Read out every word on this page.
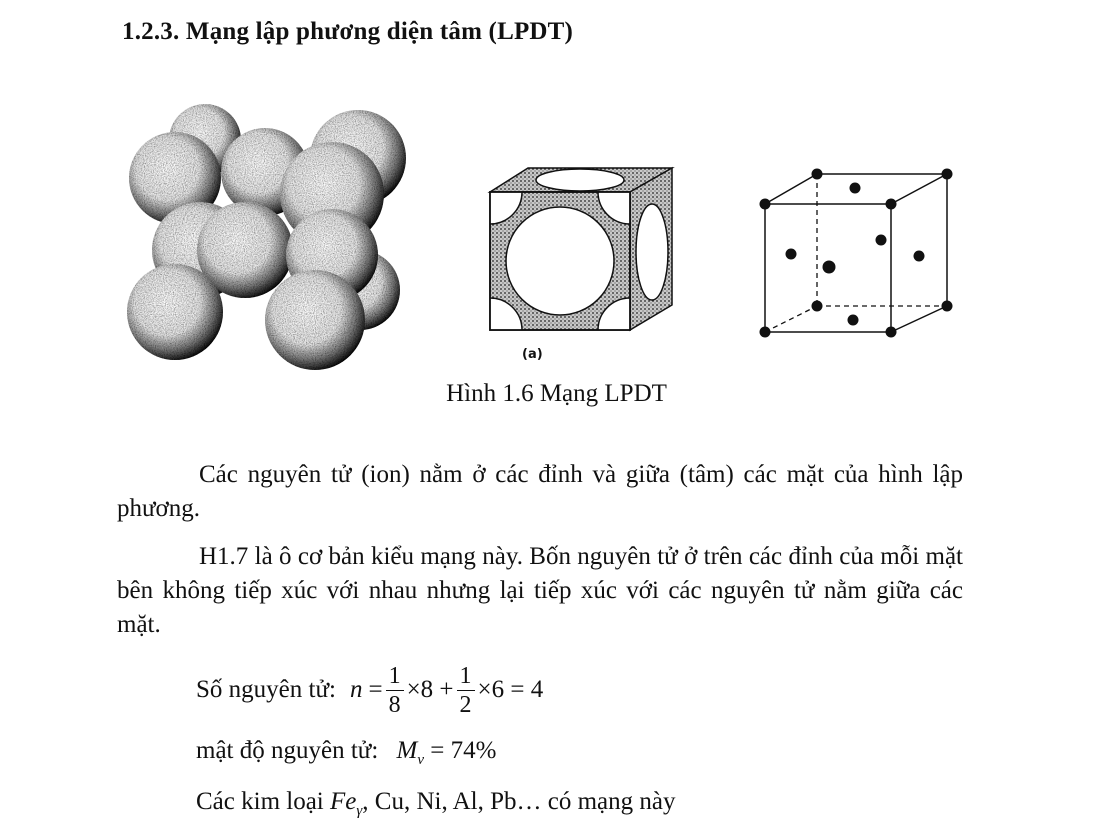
1.2.3. Mạng lập phương diện tâm (LPDT)
(a)
Hình 1.6 Mạng LPDT
Các nguyên tử (ion) nằm ở các đỉnh và giữa (tâm) các mặt của hình lập phương.
H1.7 là ô cơ bản kiểu mạng này. Bốn nguyên tử ở trên các đỉnh của mỗi mặt bên không tiếp xúc với nhau nhưng lại tiếp xúc với các nguyên tử nằm giữa các mặt.
Số nguyên tử: $n = \frac{1}{8} \times 8 + \frac{1}{2} \times 6 = 4$
mật độ nguyên tử: $M_v = 74\%$
Các kim loại $Fe_\gamma$, Cu, Ni, Al, Pb… có mạng này
